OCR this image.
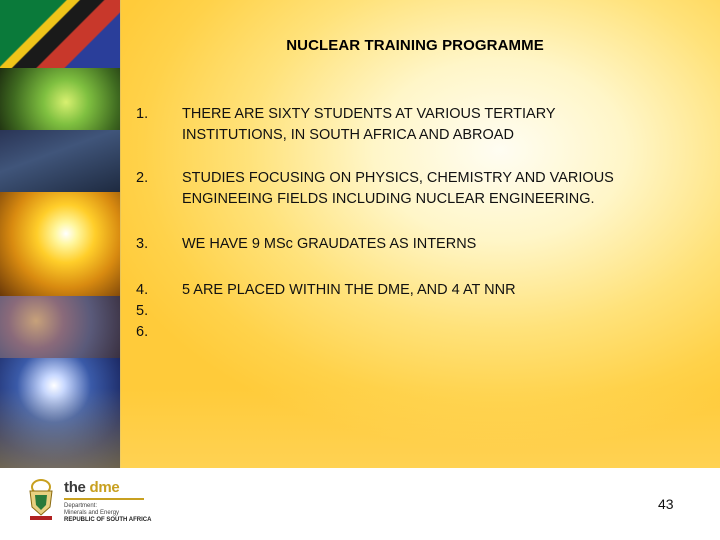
NUCLEAR TRAINING PROGRAMME
1.	THERE ARE SIXTY STUDENTS AT VARIOUS TERTIARY
INSTITUTIONS, IN SOUTH AFRICA AND ABROAD
2.	STUDIES FOCUSING ON PHYSICS, CHEMISTRY AND VARIOUS
ENGINEEING FIELDS INCLUDING NUCLEAR ENGINEERING.
3.	WE HAVE 9 MSc GRAUDATES AS INTERNS
4.	5 ARE PLACED WITHIN THE DME, AND 4 AT NNR
5.
6.
the dme
Department:
Minerals and Energy
REPUBLIC OF SOUTH AFRICA
43
